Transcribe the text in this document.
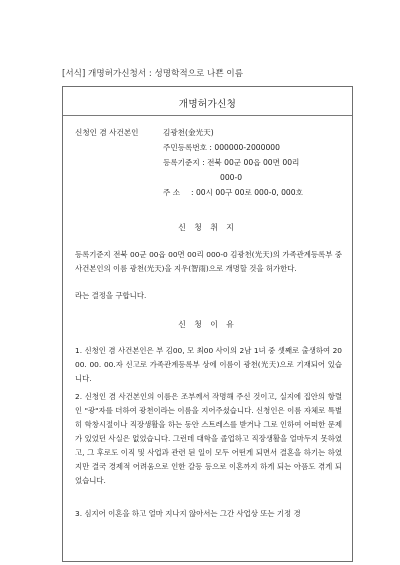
[서식] 개명허가신청서 : 성명학적으로 나쁜 이름
개명허가신청
신청인 겸 사건본인	김광천(金光天)
주민등록번호 : 000000-2000000
등록기준지 : 전북 00군 00읍 00면 00리
000-0
주 소 : 00시 00구 00로 000-0, 000호
신 청 취 지
등록기준지 전북 00군 00읍 00면 00리 000-0 김광천(光天)의 가족관계등록부 중 사건본인의 이름 광천(光天)을 지우(智雨)으로 개명할 것을 허가한다.
라는 결정을 구합니다.
신 청 이 유
1. 신청인 겸 사건본인은 부 김00, 모 최00 사이의 2남 1녀 중 셋째로 출생하여 2000. 00. 00.자 신고로 가족관계등록부 상에 이름이 광천(光天)으로 기재되어 있습니다.
2. 신청인 겸 사건본인의 이름은 조부께서 작명해 주신 것이고, 실지에 집안의 항렬인 "광"자를 더하여 광천이라는 이름을 지어주셨습니다. 신청인은 이름 자체로 특별히 학창시절이나 직장생활을 하는 동안 스트레스를 받거나 그로 인하여 어떠한 문제가 있었던 사실은 없었습니다. 그런데 대학을 졸업하고 직장생활을 얼마두지 못하였고, 그 후로도 이직 및 사업과 관련 된 일이 모두 어떤게 되면서 결혼을 하기는 하였지만 결국 경제적 어려움으로 인한 갈등 등으로 이혼까지 하게 되는 아픔도 겪게 되었습니다.
3. 심지어 이혼을 하고 얼마 지나지 않아서는 그간 사업상 또는 기정 경
